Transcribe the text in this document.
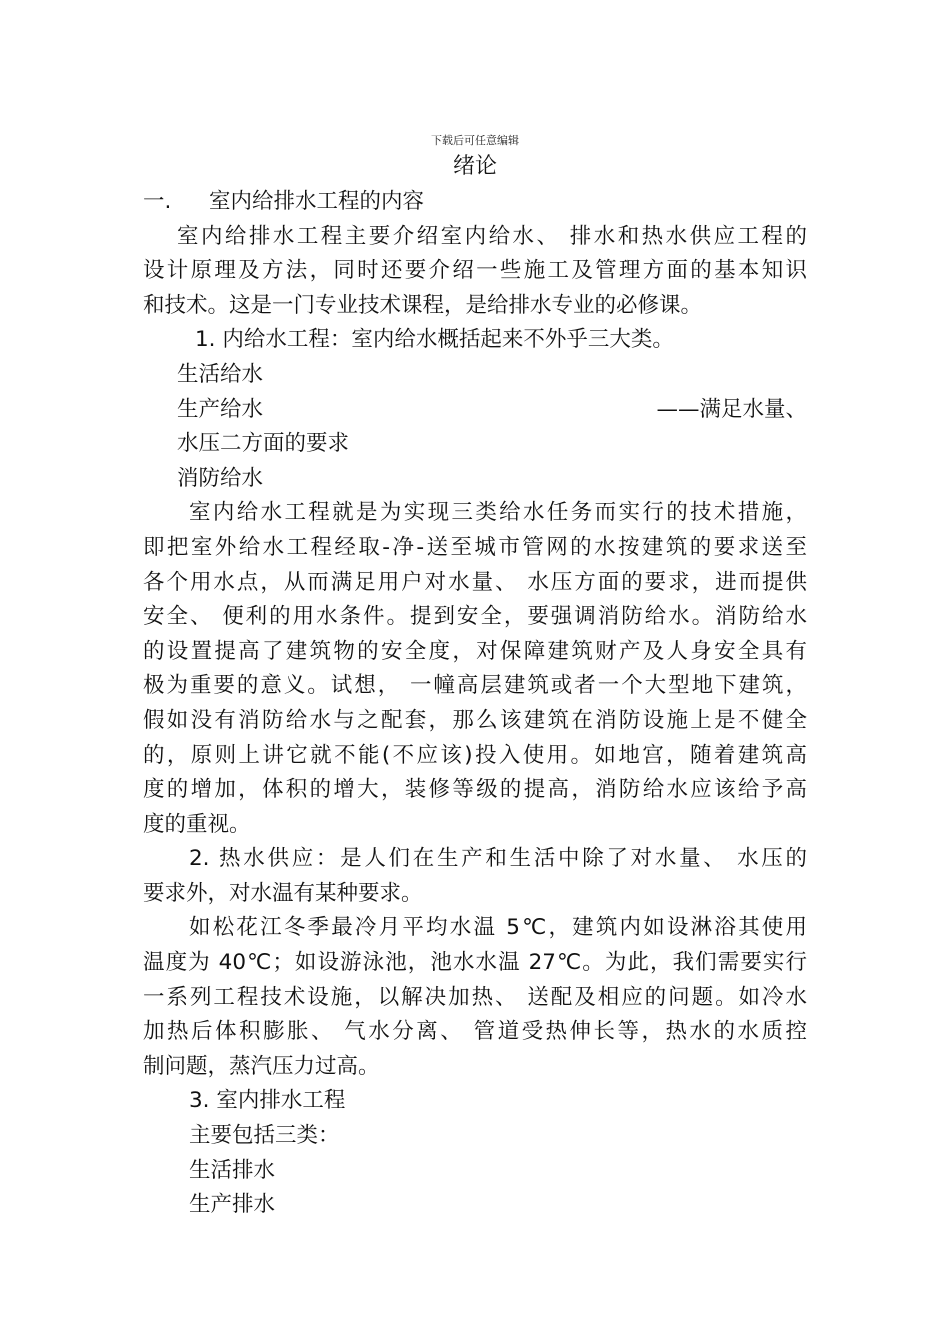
下载后可任意编辑
绪论
一. 室内给排水工程的内容
室内给排水工程主要介绍室内给水、 排水和热水供应工程的
设计原理及方法，同时还要介绍一些施工及管理方面的基本知识
和技术。这是一门专业技术课程，是给排水专业的必修课。
1. 内给水工程：室内给水概括起来不外乎三大类。
生活给水
生产给水	——满足水量、
水压二方面的要求
消防给水
室内给水工程就是为实现三类给水任务而实行的技术措施，
即把室外给水工程经取-净-送至城市管网的水按建筑的要求送至
各个用水点，从而满足用户对水量、 水压方面的要求，进而提供
安全、 便利的用水条件。提到安全，要强调消防给水。消防给水
的设置提高了建筑物的安全度，对保障建筑财产及人身安全具有
极为重要的意义。试想， 一幢高层建筑或者一个大型地下建筑，
假如没有消防给水与之配套，那么该建筑在消防设施上是不健全
的，原则上讲它就不能(不应该)投入使用。如地宫，随着建筑高
度的增加，体积的增大，装修等级的提高，消防给水应该给予高
度的重视。
2. 热水供应：是人们在生产和生活中除了对水量、 水压的
要求外，对水温有某种要求。
如松花江冬季最冷月平均水温 5℃，建筑内如设淋浴其使用
温度为 40℃；如设游泳池，池水水温 27℃。为此，我们需要实行
一系列工程技术设施，以解决加热、 送配及相应的问题。如冷水
加热后体积膨胀、 气水分离、 管道受热伸长等，热水的水质控
制问题，蒸汽压力过高。
3. 室内排水工程
主要包括三类：
生活排水
生产排水
